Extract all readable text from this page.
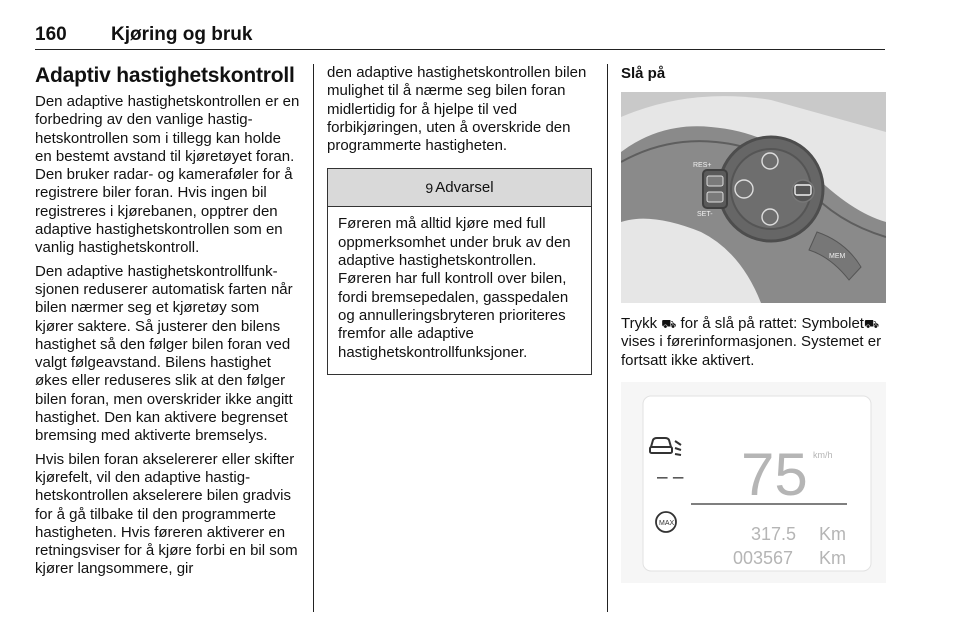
160 Kjøring og bruk
Adaptiv hastighetskontroll

Den adaptive hastighetskontrollen er en forbedring av den vanlige hastighetskontrollen som i tillegg kan holde en bestemt avstand til kjøretøyet foran. Den bruker radar- og kameraføler for å registrere biler foran. Hvis ingen bil registreres i kjørebanen, opptrer den adaptive hastighetskontrollen som en vanlig hastighetskontroll.

Den adaptive hastighetskontrollfunksjonen reduserer automatisk farten når bilen nærmer seg et kjøretøy som kjører saktere. Så justerer den bilens hastighet så den følger bilen foran ved valgt følgeavstand. Bilens hastighet økes eller reduseres slik at den følger bilen foran, men overskrider ikke angitt hastighet. Den kan aktivere begrenset bremsing med aktiverte bremselys.

Hvis bilen foran akselererer eller skifter kjørefelt, vil den adaptive hastighetskontrollen akselerere bilen gradvis for å gå tilbake til den programmerte hastigheten. Hvis føreren aktiverer en retningsviser for å kjøre forbi en bil som kjører langsommere, gir

den adaptive hastighetskontrollen bilen mulighet til å nærme seg bilen foran midlertidig for å hjelpe til ved forbikjøringen, uten å overskride den programmerte hastigheten.

9 Advarsel
Føreren må alltid kjøre med full oppmerksomhet under bruk av den adaptive hastighetskontrollen. Føreren har full kontroll over bilen, fordi bremsepedalen, gasspedalen og annulleringsbryteren prioriteres fremfor alle adaptive hastighetskontrollfunksjoner.
Slå på
RES+
SET-
MEM

Trykk ⛟ for å slå på rattet: Symbolet⛟ vises i førerinformasjonen. Systemet er fortsatt ikke aktivert.

– – 75 km/h
MAX
317.5 Km
003567 Km
